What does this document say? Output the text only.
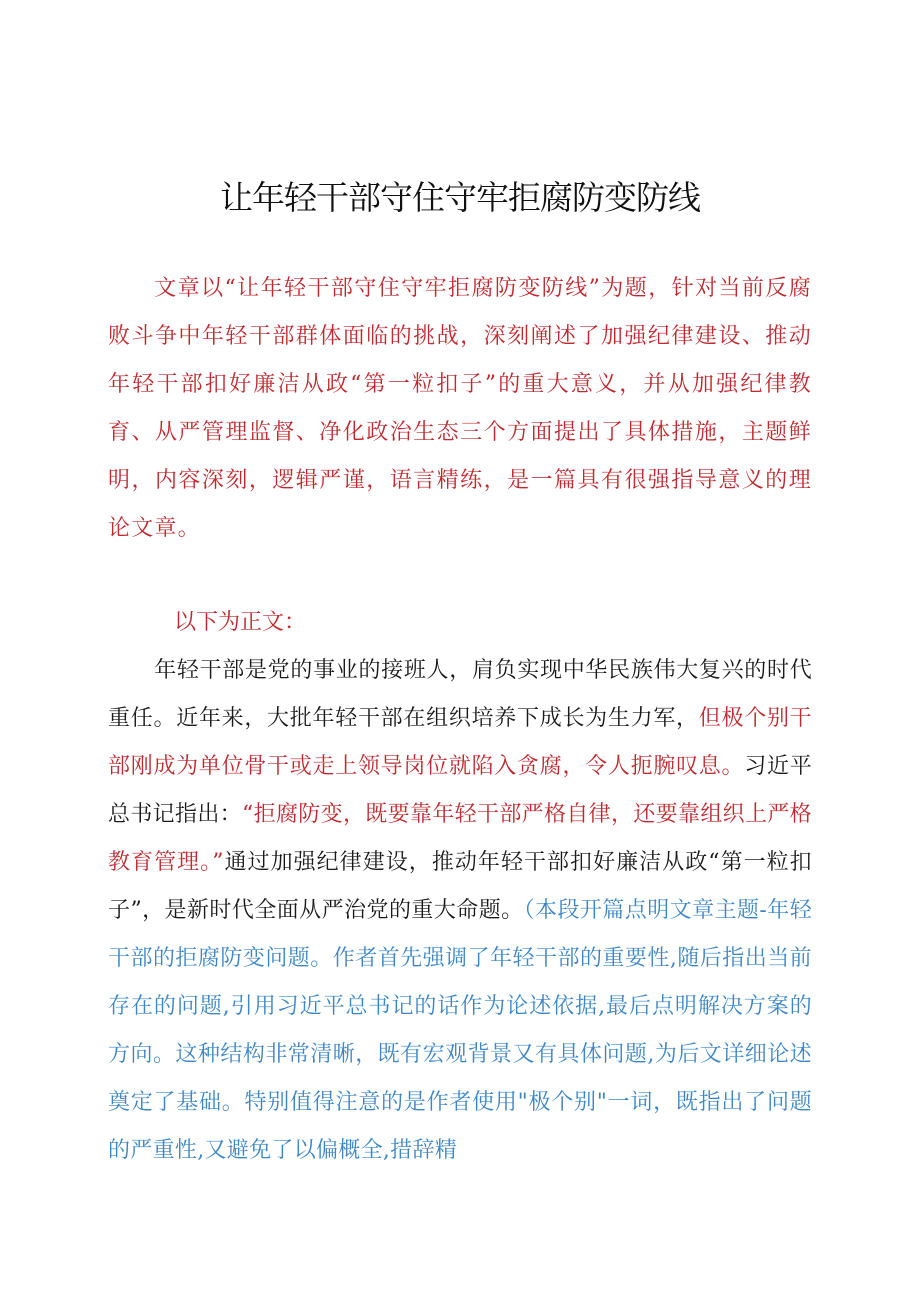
让年轻干部守住守牢拒腐防变防线

文章以“让年轻干部守住守牢拒腐防变防线”为题，针对当前反腐败斗争中年轻干部群体面临的挑战，深刻阐述了加强纪律建设、推动年轻干部扣好廉洁从政“第一粒扣子”的重大意义，并从加强纪律教育、从严管理监督、净化政治生态三个方面提出了具体措施，主题鲜明，内容深刻，逻辑严谨，语言精练，是一篇具有很强指导意义的理论文章。

以下为正文：

年轻干部是党的事业的接班人，肩负实现中华民族伟大复兴的时代重任。近年来，大批年轻干部在组织培养下成长为生力军，但极个别干部刚成为单位骨干或走上领导岗位就陷入贪腐，令人扼腕叹息。习近平总书记指出：“拒腐防变，既要靠年轻干部严格自律，还要靠组织上严格教育管理。”通过加强纪律建设，推动年轻干部扣好廉洁从政“第一粒扣子”，是新时代全面从严治党的重大命题。（本段开篇点明文章主题-年轻干部的拒腐防变问题。作者首先强调了年轻干部的重要性,随后指出当前存在的问题,引用习近平总书记的话作为论述依据,最后点明解决方案的方向。这种结构非常清晰，既有宏观背景又有具体问题,为后文详细论述奠定了基础。特别值得注意的是作者使用"极个别"一词，既指出了问题的严重性,又避免了以偏概全,措辞精
